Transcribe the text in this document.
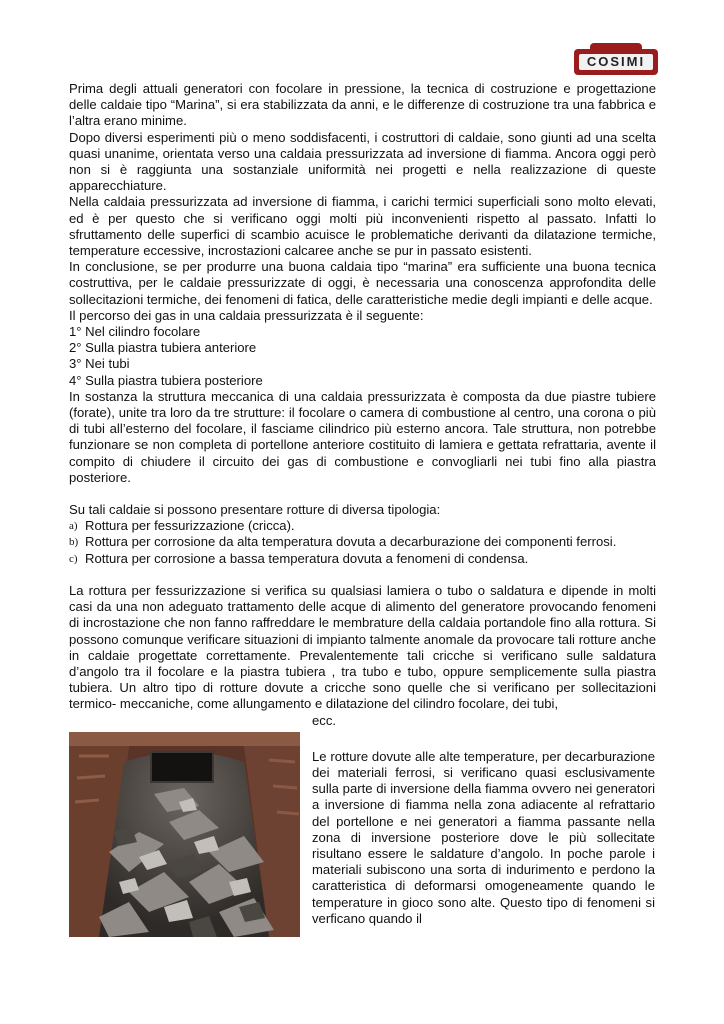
COSIMI

Prima degli attuali generatori con focolare in pressione, la tecnica di costruzione e progettazione delle caldaie tipo “Marina”, si era stabilizzata da anni, e le differenze di costruzione tra una fabbrica e l’altra erano minime.

Dopo diversi esperimenti più o meno soddisfacenti, i costruttori di caldaie, sono giunti ad una scelta quasi unanime, orientata verso una caldaia pressurizzata ad inversione di fiamma. Ancora oggi però non si è raggiunta una sostanziale uniformità nei progetti e nella realizzazione di queste apparecchiature.

Nella caldaia pressurizzata ad inversione di fiamma, i carichi termici superficiali sono molto elevati, ed è per questo che si verificano oggi molti più inconvenienti rispetto al passato. Infatti lo sfruttamento delle superfici di scambio acuisce le problematiche derivanti da dilatazione termiche, temperature eccessive, incrostazioni calcaree anche se pur in passato esistenti.

In conclusione, se per produrre una buona caldaia tipo “marina” era sufficiente una buona tecnica costruttiva, per le caldaie pressurizzate di oggi, è necessaria una conoscenza approfondita delle sollecitazioni termiche, dei fenomeni di fatica, delle caratteristiche medie degli impianti e delle acque.

Il percorso dei gas in una caldaia pressurizzata è il seguente:

1° Nel cilindro focolare

2° Sulla piastra tubiera anteriore

3° Nei tubi

4° Sulla piastra tubiera posteriore

In sostanza la struttura meccanica di una caldaia pressurizzata è composta da due piastre tubiere (forate), unite tra loro da tre strutture: il focolare o camera di combustione al centro, una corona o più di tubi all’esterno del focolare, il fasciame cilindrico più esterno ancora. Tale struttura, non potrebbe funzionare se non completa di portellone anteriore costituito di lamiera e gettata refrattaria, avente il compito di chiudere il circuito dei gas di combustione e convogliarli nei tubi fino alla piastra posteriore.

Su tali caldaie si possono presentare rotture di diversa tipologia:

a) Rottura per fessurizzazione (cricca).
b) Rottura per corrosione da alta temperatura dovuta a decarburazione dei componenti ferrosi.
c) Rottura per corrosione a bassa temperatura dovuta a fenomeni di condensa.

La rottura per fessurizzazione si verifica su qualsiasi lamiera o tubo o saldatura e dipende in molti casi da una non adeguato trattamento delle acque di alimento del generatore provocando fenomeni di incrostazione che non fanno raffreddare le membrature della caldaia portandole fino alla rottura. Si possono comunque verificare situazioni di impianto talmente anomale da provocare tali rotture anche in caldaie progettate correttamente. Prevalentemente tali cricche si verificano sulle saldatura d’angolo tra il focolare e la piastra tubiera , tra tubo e tubo, oppure semplicemente sulla piastra tubiera. Un altro tipo di rotture dovute a cricche sono quelle che si verificano per sollecitazioni termico- meccaniche, come allungamento e dilatazione del cilindro focolare, dei tubi,

ecc.

Le rotture dovute alle alte temperature, per decarburazione dei materiali ferrosi, si verificano quasi esclusivamente sulla parte di inversione della fiamma ovvero nei generatori a inversione di fiamma nella zona adiacente al refrattario del portellone e nei generatori a fiamma passante nella zona di inversione posteriore dove le più sollecitate risultano essere le saldature d’angolo. In poche parole i materiali subiscono una sorta di indurimento e perdono la caratteristica di deformarsi omogeneamente quando le temperature in gioco sono alte. Questo tipo di fenomeni si verficano quando il
